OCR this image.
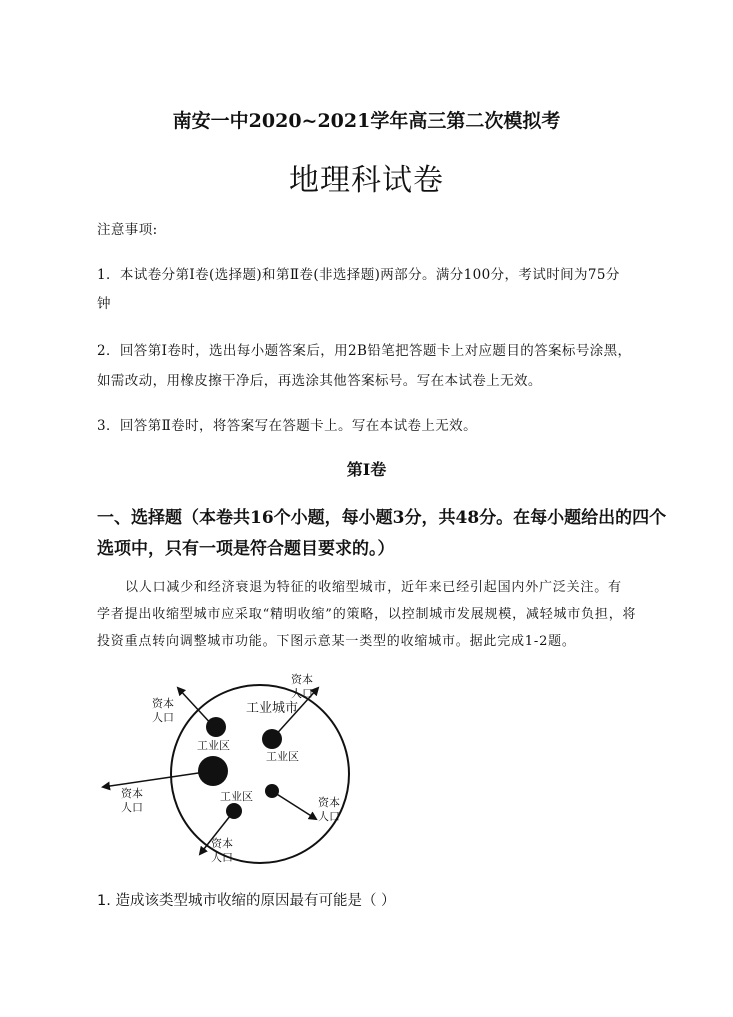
南安一中2020~2021学年高三第二次模拟考
地理科试卷
注意事项:
1．本试卷分第Ⅰ卷(选择题)和第Ⅱ卷(非选择题)两部分。满分100分，考试时间为75分
钟
2．回答第Ⅰ卷时，选出每小题答案后，用2B铅笔把答题卡上对应题目的答案标号涂黑，
如需改动，用橡皮擦干净后，再选涂其他答案标号。写在本试卷上无效。
3．回答第Ⅱ卷时，将答案写在答题卡上。写在本试卷上无效。
第Ⅰ卷
一、选择题（本卷共16个小题，每小题3分，共48分。在每小题给出的四个
选项中，只有一项是符合题目要求的。）
以人口减少和经济衰退为特征的收缩型城市，近年来已经引起国内外广泛关注。有
学者提出收缩型城市应采取“精明收缩”的策略，以控制城市发展规模，减轻城市负担，将
投资重点转向调整城市功能。下图示意某一类型的收缩城市。据此完成1-2题。
工业城市
工业区
工业区
工业区
资本
人口
资本
人口
资本
人口	资本
人口
资本
人口
1. 造成该类型城市收缩的原因最有可能是（ ）
